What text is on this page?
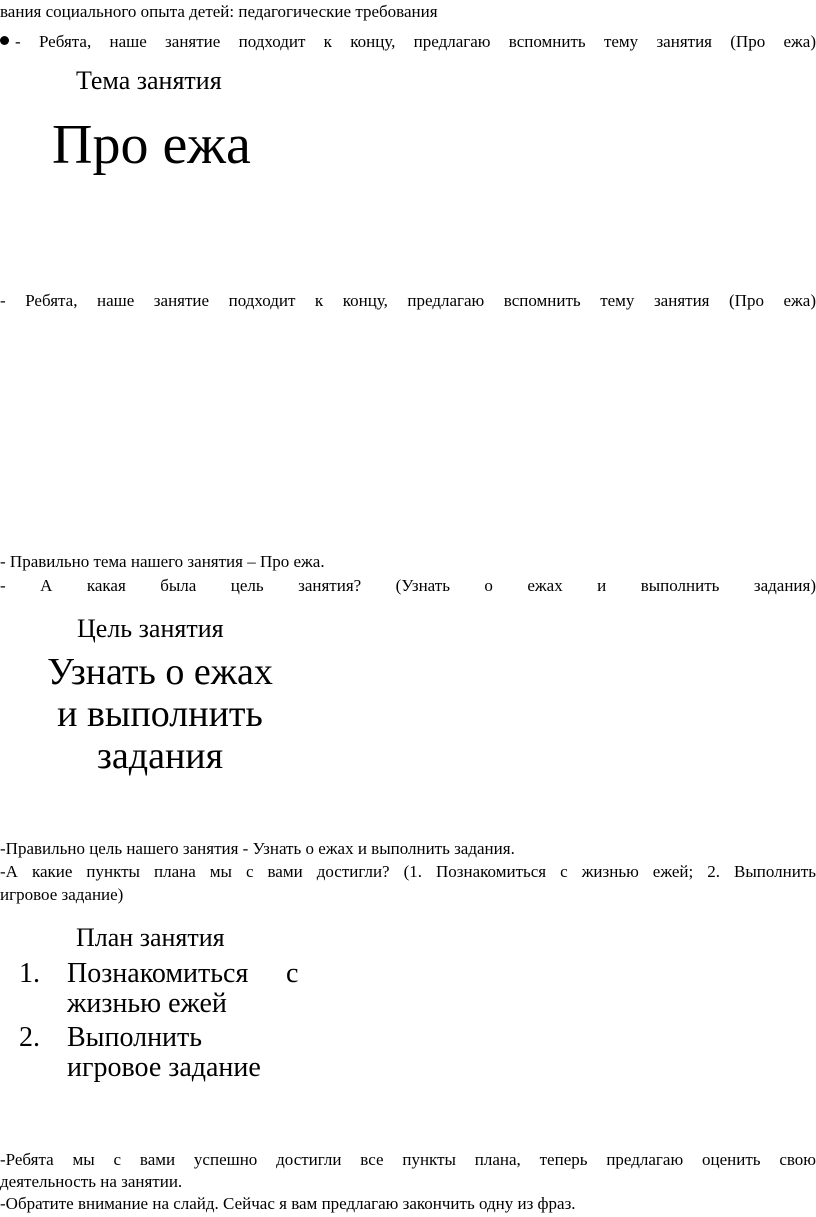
вания социального опыта детей: педагогические требования

- Ребята, наше занятие подходит к концу, предлагаю вспомнить тему занятия (Про ежа)

Тема занятия

Про ежа

- Ребята, наше занятие подходит к концу, предлагаю вспомнить тему занятия (Про ежа)

- Правильно тема нашего занятия – Про ежа.

- А какая была цель занятия? (Узнать о ежах и выполнить задания)

Цель занятия

Узнать о ежах
и выполнить
задания

-Правильно цель нашего занятия - Узнать о ежах и выполнить задания.

-А какие пункты плана мы с вами достигли? (1. Познакомиться с жизнью ежей; 2. Выполнить

игровое задание)

План занятия

1. Познакомиться с
жизнью ежей
2. Выполнить
игровое задание

-Ребята мы с вами успешно достигли все пункты плана, теперь предлагаю оценить свою

деятельность на занятии.

-Обратите внимание на слайд. Сейчас я вам предлагаю закончить одну из фраз.
